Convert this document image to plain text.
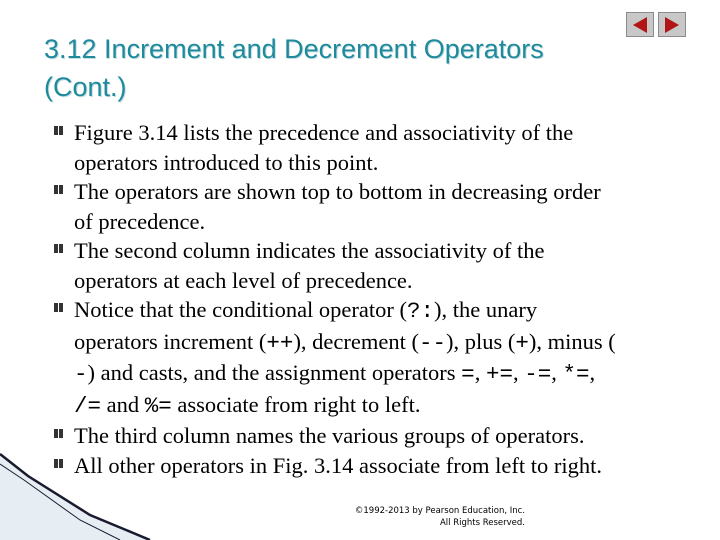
3.12 Increment and Decrement Operators
(Cont.)
Figure 3.14 lists the precedence and associativity of the
operators introduced to this point.
The operators are shown top to bottom in decreasing order
of precedence.
The second column indicates the associativity of the
operators at each level of precedence.
Notice that the conditional operator (?:), the unary
operators increment (++), decrement (--), plus (+), minus (
-) and casts, and the assignment operators =, +=, -=, *=,
/= and %= associate from right to left.
The third column names the various groups of operators.
All other operators in Fig. 3.14 associate from left to right.
©1992-2013 by Pearson Education, Inc.
All Rights Reserved.
